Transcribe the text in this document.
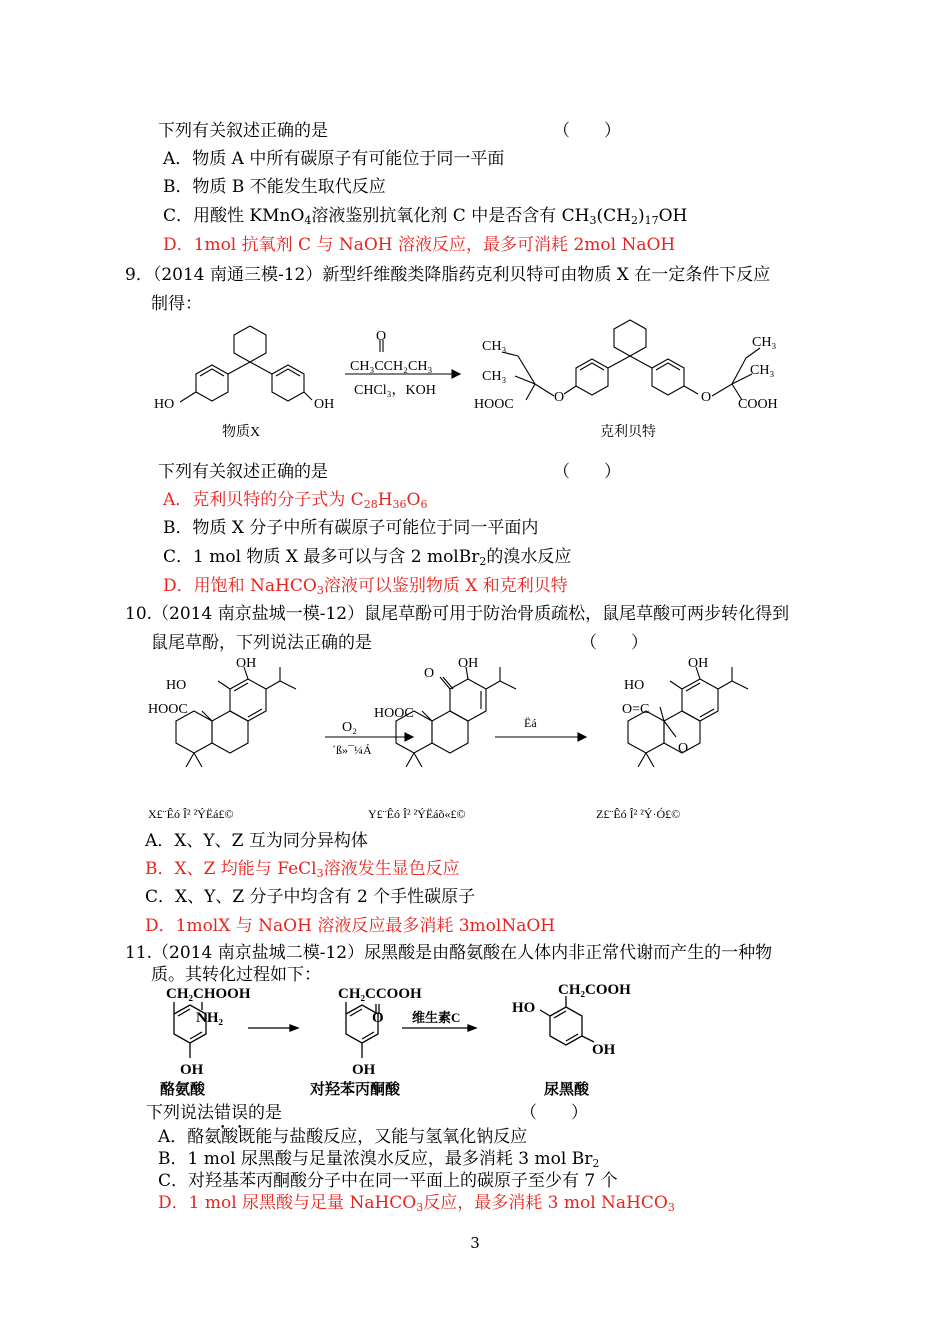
下列有关叙述正确的是	（　　）
A．物质 A 中所有碳原子有可能位于同一平面
B．物质 B 不能发生取代反应
C．用酸性 KMnO$_4$溶液鉴别抗氧化剂 C 中是否含有 $CH_3(CH_2)_{17}OH$
D．1mol 抗氧剂 C 与 NaOH 溶液反应，最多可消耗 2mol NaOH
9．（2014 南通三模-12）新型纤维酸类降脂药克利贝特可由物质 X 在一定条件下反应
制得：
HO	OH
O
CH₃CCH₂CH₃
CHCl₃，KOH
物质X
CH₃
CH₃
CH₃
CH₃
O	O
HOOC	COOH
克利贝特
下列有关叙述正确的是	（　　）
A．克利贝特的分子式为 $C_{28}H_{36}O_6$
B．物质 X 分子中所有碳原子可能位于同一平面内
C．1 mol 物质 X 最多可以与含 2 molBr$_2$的溴水反应
D．用饱和 NaHCO$_3$溶液可以鉴别物质 X 和克利贝特
10.（2014 南京盐城一模-12）鼠尾草酚可用于防治骨质疏松，鼠尾草酸可两步转化得到
鼠尾草酚，下列说法正确的是	（　　）
OH
HO
HOOC
O₂
´ß»¯¼Á
OH
O
HOOC
Ëá
OH
HO
O=C
O
X£¨Êó Î² ²ÝËá£©	Y£¨Êó Î² ²ÝËáõ«£©	Z£¨Êó Î² ²Ý·Ó£©
A．X、Y、Z 互为同分异构体
B．X、Z 均能与 FeCl$_3$溶液发生显色反应
C．X、Y、Z 分子中均含有 2 个手性碳原子
D．1molX 与 NaOH 溶液反应最多消耗 3molNaOH
11.（2014 南京盐城二模-12）尿黑酸是由酪氨酸在人体内非正常代谢而产生的一种物
质。其转化过程如下：
CH₂CHOOH
NH₂
OH
CH₂CCOOH
O
OH
维生素C
CH₂COOH
HO
OH
酪氨酸	对羟苯丙酮酸	尿黑酸
下列说法错误的是	（　　）
A．酪氨酸既能与盐酸反应，又能与氢氧化钠反应
B．1 mol 尿黑酸与足量浓溴水反应，最多消耗 3 mol $Br_2$
C．对羟基苯丙酮酸分子中在同一平面上的碳原子至少有 7 个
D．1 mol 尿黑酸与足量 NaHCO$_3$反应，最多消耗 3 mol NaHCO$_3$
3
